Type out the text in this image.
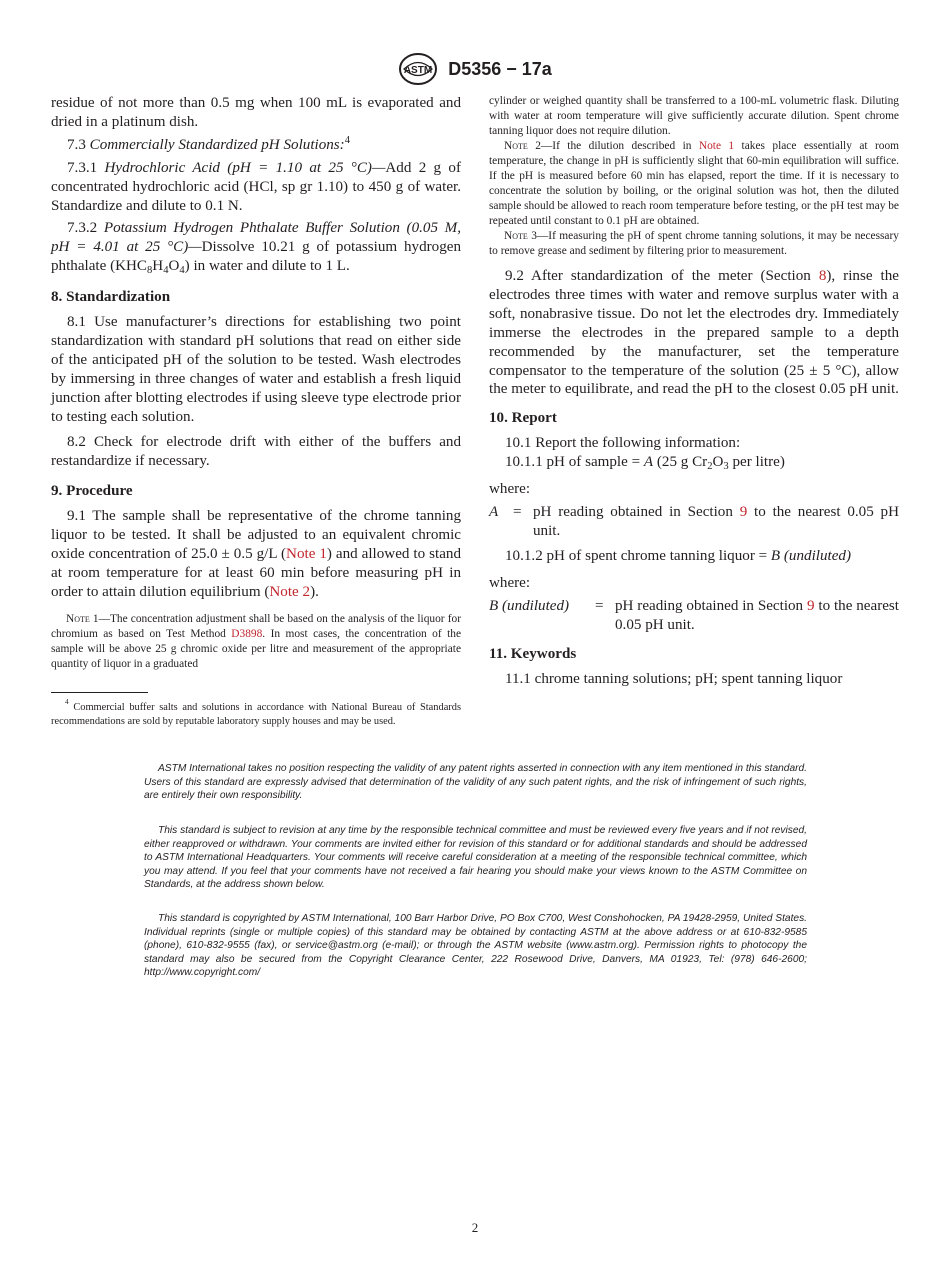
ASTM D5356 − 17a

residue of not more than 0.5 mg when 100 mL is evaporated and dried in a platinum dish.

7.3 Commercially Standardized pH Solutions:$^4$

7.3.1 Hydrochloric Acid (pH = 1.10 at 25 °C)—Add 2 g of concentrated hydrochloric acid (HCl, sp gr 1.10) to 450 g of water. Standardize and dilute to 0.1 N.

7.3.2 Potassium Hydrogen Phthalate Buffer Solution (0.05 M, pH = 4.01 at 25 °C)—Dissolve 10.21 g of potassium hydrogen phthalate $(KHC_8H_4O_4)$ in water and dilute to 1 L.

8. Standardization

8.1 Use manufacturer’s directions for establishing two point standardization with standard pH solutions that read on either side of the anticipated pH of the solution to be tested. Wash electrodes by immersing in three changes of water and establish a fresh liquid junction after blotting electrodes if using sleeve type electrode prior to testing each solution.

8.2 Check for electrode drift with either of the buffers and restandardize if necessary.

9. Procedure

9.1 The sample shall be representative of the chrome tanning liquor to be tested. It shall be adjusted to an equivalent chromic oxide concentration of 25.0 ± 0.5 g/L (Note 1) and allowed to stand at room temperature for at least 60 min before measuring pH in order to attain dilution equilibrium (Note 2).

Note 1—The concentration adjustment shall be based on the analysis of the liquor for chromium as based on Test Method D3898. In most cases, the concentration of the sample will be above 25 g chromic oxide per litre and measurement of the appropriate quantity of liquor in a graduated

$^4$ Commercial buffer salts and solutions in accordance with National Bureau of Standards recommendations are sold by reputable laboratory supply houses and may be used.

cylinder or weighed quantity shall be transferred to a 100-mL volumetric flask. Diluting with water at room temperature will give sufficiently accurate dilution. Spent chrome tanning liquor does not require dilution.

Note 2—If the dilution described in Note 1 takes place essentially at room temperature, the change in pH is sufficiently slight that 60-min equilibration will suffice. If the pH is measured before 60 min has elapsed, report the time. If it is necessary to concentrate the solution by boiling, or the original solution was hot, then the diluted sample should be allowed to reach room temperature before testing, or the pH test may be repeated until constant to 0.1 pH are obtained.

Note 3—If measuring the pH of spent chrome tanning solutions, it may be necessary to remove grease and sediment by filtering prior to measurement.

9.2 After standardization of the meter (Section 8), rinse the electrodes three times with water and remove surplus water with a soft, nonabrasive tissue. Do not let the electrodes dry. Immediately immerse the electrodes in the prepared sample to a depth recommended by the manufacturer, set the temperature compensator to the temperature of the solution (25 ± 5 °C), allow the meter to equilibrate, and read the pH to the closest 0.05 pH unit.

10. Report

10.1 Report the following information:

10.1.1 pH of sample = A (25 g $Cr_2O_3$ per litre)

where:

A = pH reading obtained in Section 9 to the nearest 0.05 pH unit.

10.1.2 pH of spent chrome tanning liquor = B (undiluted)

where:

B (undiluted)	= pH reading obtained in Section 9 to the nearest 0.05 pH unit.

11. Keywords

11.1 chrome tanning solutions; pH; spent tanning liquor

ASTM International takes no position respecting the validity of any patent rights asserted in connection with any item mentioned in this standard. Users of this standard are expressly advised that determination of the validity of any such patent rights, and the risk of infringement of such rights, are entirely their own responsibility.

This standard is subject to revision at any time by the responsible technical committee and must be reviewed every five years and if not revised, either reapproved or withdrawn. Your comments are invited either for revision of this standard or for additional standards and should be addressed to ASTM International Headquarters. Your comments will receive careful consideration at a meeting of the responsible technical committee, which you may attend. If you feel that your comments have not received a fair hearing you should make your views known to the ASTM Committee on Standards, at the address shown below.

This standard is copyrighted by ASTM International, 100 Barr Harbor Drive, PO Box C700, West Conshohocken, PA 19428-2959, United States. Individual reprints (single or multiple copies) of this standard may be obtained by contacting ASTM at the above address or at 610-832-9585 (phone), 610-832-9555 (fax), or service@astm.org (e-mail); or through the ASTM website (www.astm.org). Permission rights to photocopy the standard may also be secured from the Copyright Clearance Center, 222 Rosewood Drive, Danvers, MA 01923, Tel: (978) 646-2600; http://www.copyright.com/

2
